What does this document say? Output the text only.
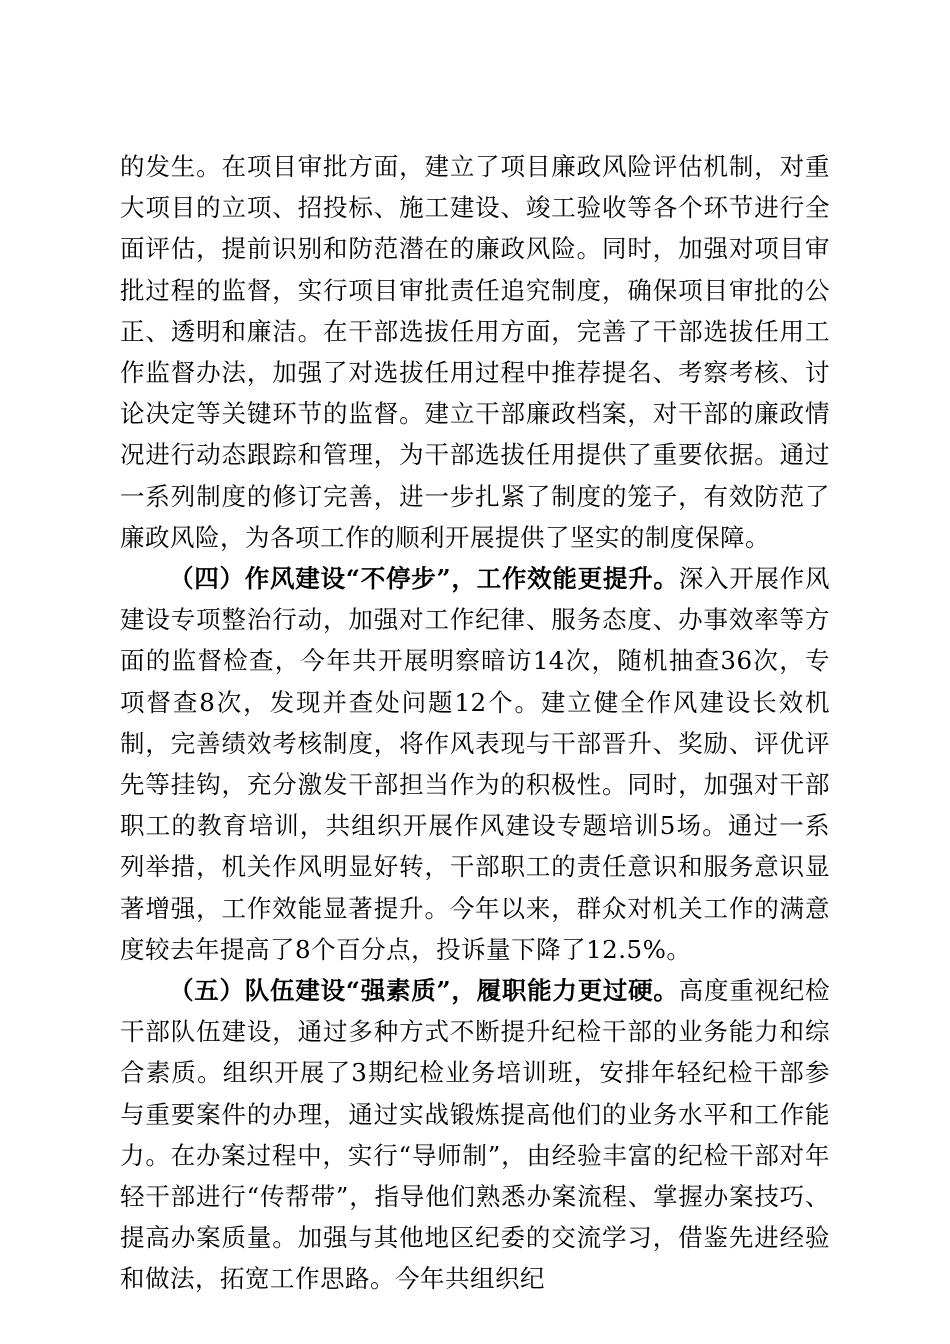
的发生。在项目审批方面，建立了项目廉政风险评估机制，对重大项目的立项、招投标、施工建设、竣工验收等各个环节进行全面评估，提前识别和防范潜在的廉政风险。同时，加强对项目审批过程的监督，实行项目审批责任追究制度，确保项目审批的公正、透明和廉洁。在干部选拔任用方面，完善了干部选拔任用工作监督办法，加强了对选拔任用过程中推荐提名、考察考核、讨论决定等关键环节的监督。建立干部廉政档案，对干部的廉政情况进行动态跟踪和管理，为干部选拔任用提供了重要依据。通过一系列制度的修订完善，进一步扎紧了制度的笼子，有效防范了廉政风险，为各项工作的顺利开展提供了坚实的制度保障。

（四）作风建设“不停步”，工作效能更提升。深入开展作风建设专项整治行动，加强对工作纪律、服务态度、办事效率等方面的监督检查，今年共开展明察暗访14次，随机抽查36次，专项督查8次，发现并查处问题12个。建立健全作风建设长效机制，完善绩效考核制度，将作风表现与干部晋升、奖励、评优评先等挂钩，充分激发干部担当作为的积极性。同时，加强对干部职工的教育培训，共组织开展作风建设专题培训5场。通过一系列举措，机关作风明显好转，干部职工的责任意识和服务意识显著增强，工作效能显著提升。今年以来，群众对机关工作的满意度较去年提高了8个百分点，投诉量下降了12.5%。

（五）队伍建设“强素质”，履职能力更过硬。高度重视纪检干部队伍建设，通过多种方式不断提升纪检干部的业务能力和综合素质。组织开展了3期纪检业务培训班，安排年轻纪检干部参与重要案件的办理，通过实战锻炼提高他们的业务水平和工作能力。在办案过程中，实行“导师制”，由经验丰富的纪检干部对年轻干部进行“传帮带”，指导他们熟悉办案流程、掌握办案技巧、提高办案质量。加强与其他地区纪委的交流学习，借鉴先进经验和做法，拓宽工作思路。今年共组织纪
